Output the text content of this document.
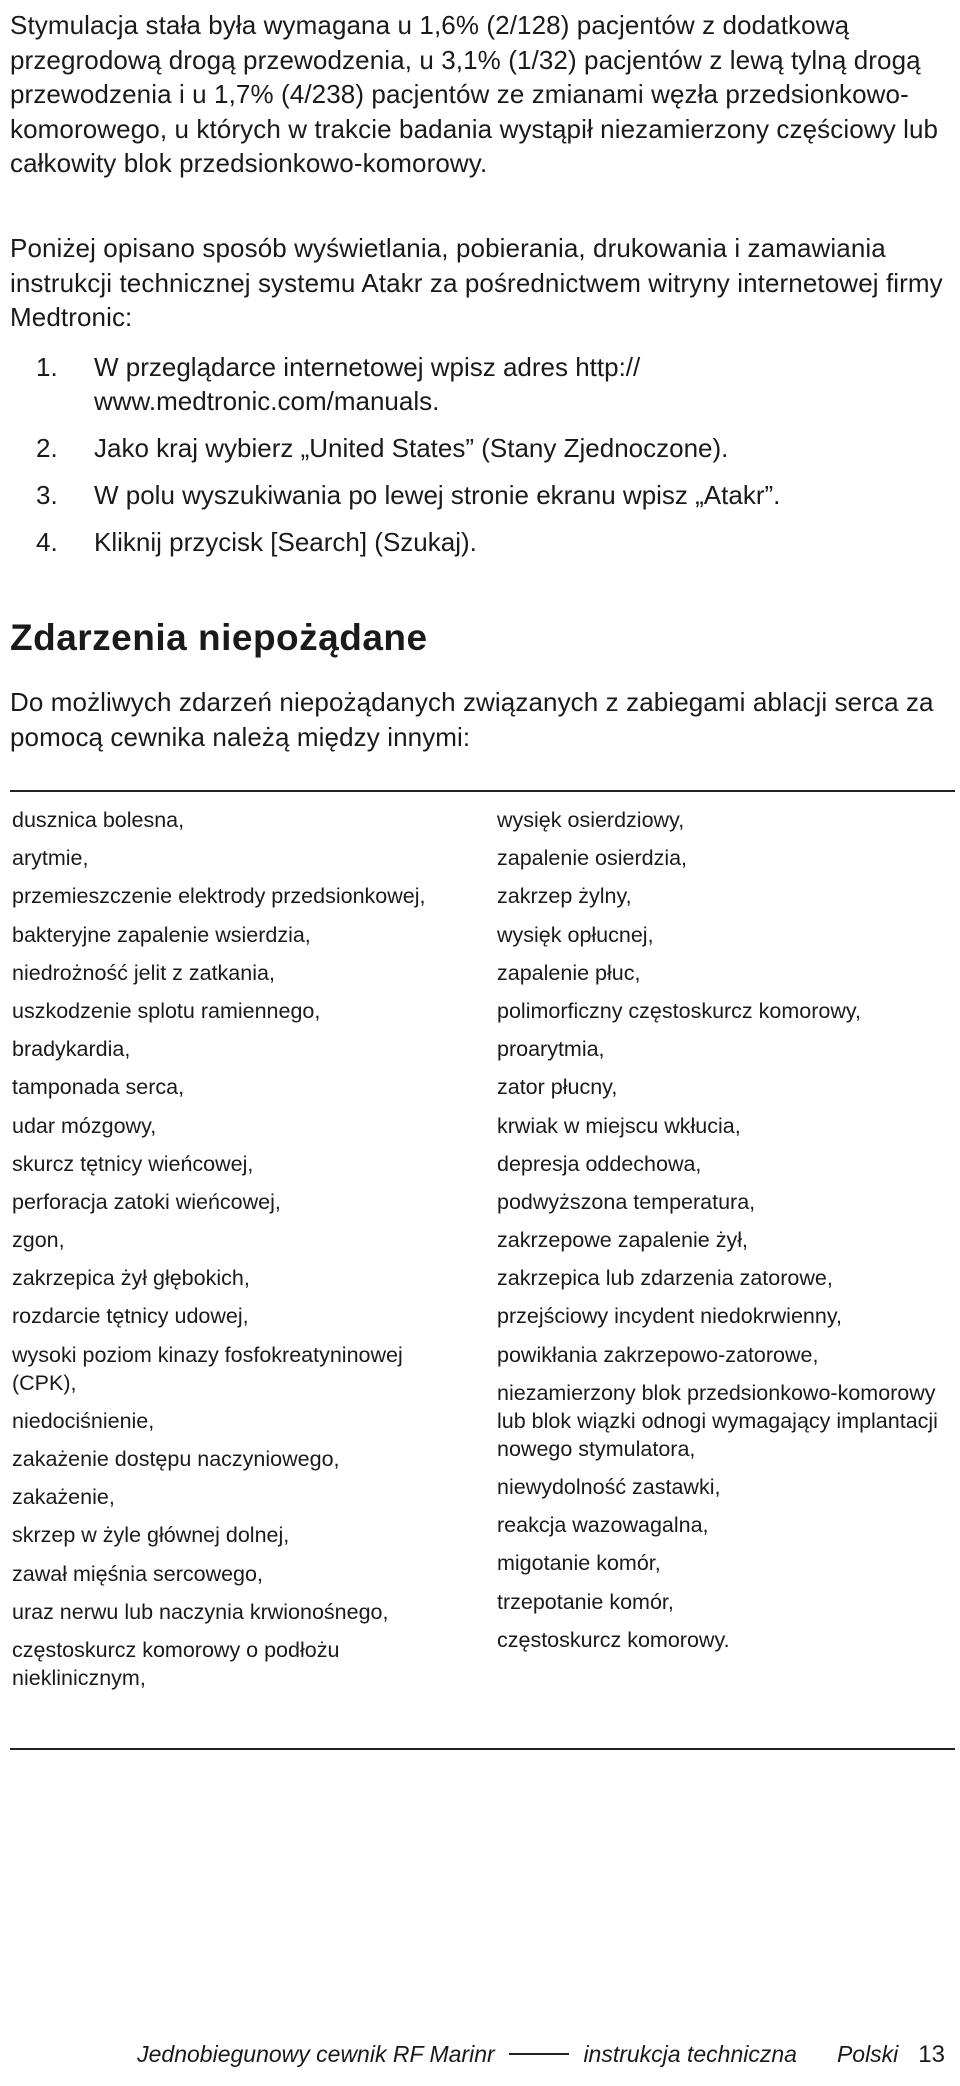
Stymulacja stała była wymagana u 1,6% (2/128) pacjentów z dodatkową przegrodową drogą przewodzenia, u 3,1% (1/32) pacjentów z lewą tylną drogą przewodzenia i u 1,7% (4/238) pacjentów ze zmianami węzła przedsionkowo-komorowego, u których w trakcie badania wystąpił niezamierzony częściowy lub całkowity blok przedsionkowo-komorowy.

Poniżej opisano sposób wyświetlania, pobierania, drukowania i zamawiania instrukcji technicznej systemu Atakr za pośrednictwem witryny internetowej firmy Medtronic:

1.	W przeglądarce internetowej wpisz adres http:// www.medtronic.com/manuals.
2.	Jako kraj wybierz „United States” (Stany Zjednoczone).
3.	W polu wyszukiwania po lewej stronie ekranu wpisz „Atakr”.
4.	Kliknij przycisk [Search] (Szukaj).
Zdarzenia niepożądane

Do możliwych zdarzeń niepożądanych związanych z zabiegami ablacji serca za pomocą cewnika należą między innymi:

dusznica bolesna,
arytmie,
przemieszczenie elektrody przedsionkowej,
bakteryjne zapalenie wsierdzia,
niedrożność jelit z zatkania,
uszkodzenie splotu ramiennego,
bradykardia,
tamponada serca,
udar mózgowy,
skurcz tętnicy wieńcowej,
perforacja zatoki wieńcowej,
zgon,
zakrzepica żył głębokich,
rozdarcie tętnicy udowej,
wysoki poziom kinazy fosfokreatyninowej (CPK),
niedociśnienie,
zakażenie dostępu naczyniowego,
zakażenie,
skrzep w żyle głównej dolnej,
zawał mięśnia sercowego,
uraz nerwu lub naczynia krwionośnego,
częstoskurcz komorowy o podłożu nieklinicznym,
wysięk osierdziowy,
zapalenie osierdzia,
zakrzep żylny,
wysięk opłucnej,
zapalenie płuc,
polimorficzny częstoskurcz komorowy,
proarytmia,
zator płucny,
krwiak w miejscu wkłucia,
depresja oddechowa,
podwyższona temperatura,
zakrzepowe zapalenie żył,
zakrzepica lub zdarzenia zatorowe,
przejściowy incydent niedokrwienny,
powikłania zakrzepowo-zatorowe,
niezamierzony blok przedsionkowo-komorowy lub blok wiązki odnogi wymagający implantacji nowego stymulatora,
niewydolność zastawki,
reakcja wazowagalna,
migotanie komór,
trzepotanie komór,
częstoskurcz komorowy.
Jednobiegunowy cewnik RF Marinr	instrukcja techniczna Polski 13
